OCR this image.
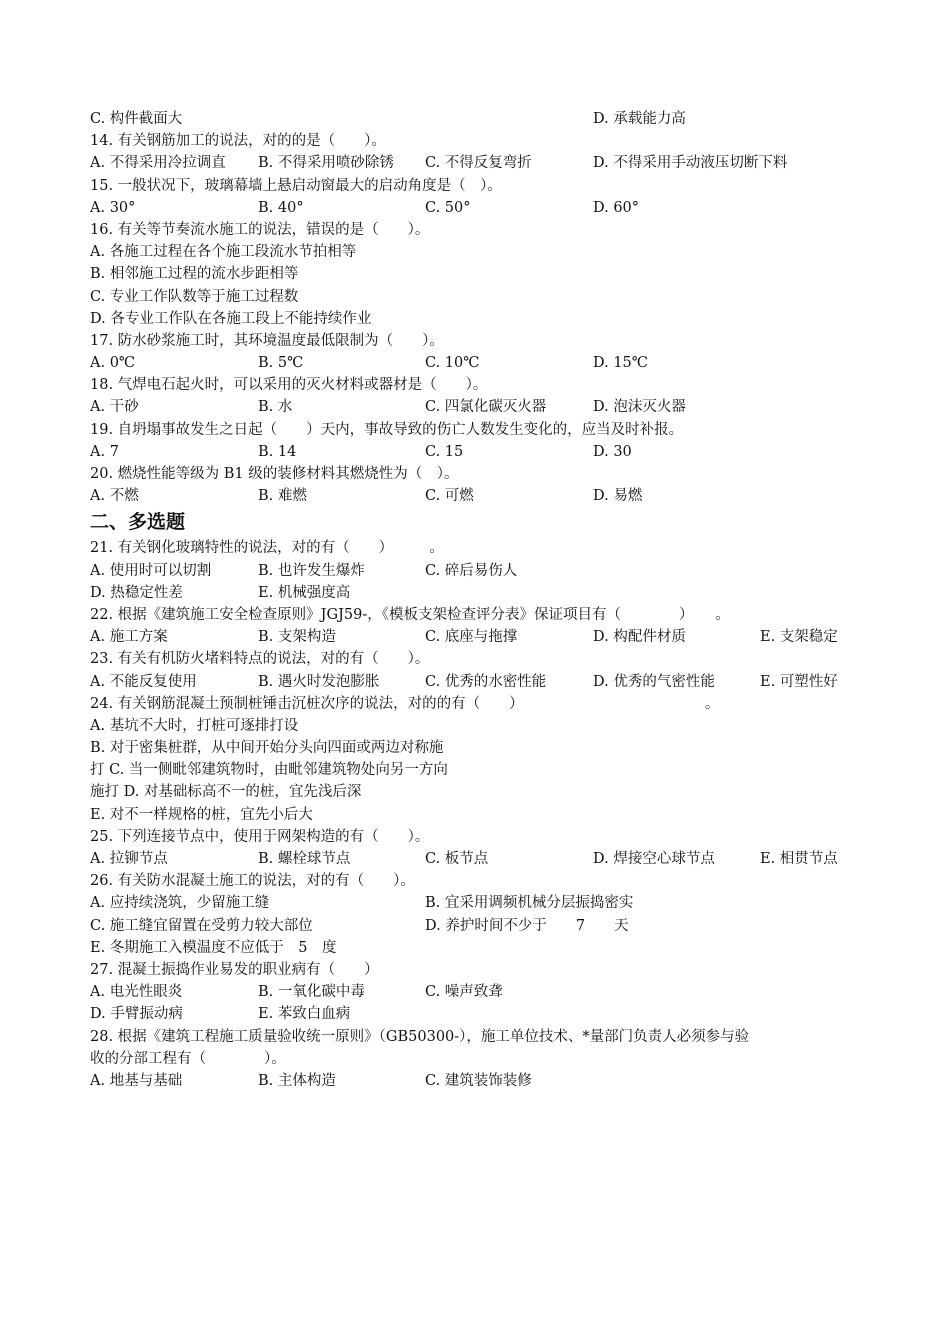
C. 构件截面大	D. 承载能力高
14. 有关钢筋加工的说法，对的的是（　　）。
A. 不得采用冷拉调直 B. 不得采用喷砂除锈 C. 不得反复弯折	D. 不得采用手动液压切断下料
15. 一般状况下，玻璃幕墙上悬启动窗最大的启动角度是（　）。
A. 30°	B. 40°	C. 50°	D. 60°
16. 有关等节奏流水施工的说法，错误的是（　　）。
A. 各施工过程在各个施工段流水节拍相等
B. 相邻施工过程的流水步距相等
C. 专业工作队数等于施工过程数
D. 各专业工作队在各施工段上不能持续作业
17. 防水砂浆施工时，其环境温度最低限制为（　　）。
A. 0℃	B. 5℃	C. 10℃	D. 15℃
18. 气焊电石起火时，可以采用的灭火材料或器材是（　　）。
A. 干砂	B. 水	C. 四氯化碳灭火器	D. 泡沫灭火器
19. 自坍塌事故发生之日起（　　）天内，事故导致的伤亡人数发生变化的，应当及时补报。
A. 7	B. 14	C. 15	D. 30
20. 燃烧性能等级为 B1 级的装修材料其燃烧性为（　）。
A. 不燃	B. 难燃	C. 可燃	D. 易燃
二、多选题
21. 有关钢化玻璃特性的说法，对的有（　　）　　　。
A. 使用时可以切割	B. 也许发生爆炸	C. 碎后易伤人
D. 热稳定性差	E. 机械强度高
22. 根据《建筑施工安全检查原则》JGJ59-，《模板支架检查评分表》保证项目有（　　　　）　　。
A. 施工方案	B. 支架构造	C. 底座与拖撑	D. 构配件材质	E. 支架稳定
23. 有关有机防火堵料特点的说法，对的有（　　）。
A. 不能反复使用	B. 遇火时发泡膨胀	C. 优秀的水密性能	D. 优秀的气密性能	E. 可塑性好
24. 有关钢筋混凝土预制桩锤击沉桩次序的说法，对的的有（　　）　　　　　　　　　　　　　。
A. 基坑不大时，打桩可逐排打设
B. 对于密集桩群，从中间开始分头向四面或两边对称施
打 C. 当一侧毗邻建筑物时，由毗邻建筑物处向另一方向
施打 D. 对基础标高不一的桩，宜先浅后深
E. 对不一样规格的桩，宜先小后大
25. 下列连接节点中，使用于网架构造的有（　　）。
A. 拉铆节点	B. 螺栓球节点	C. 板节点	D. 焊接空心球节点	E. 相贯节点
26. 有关防水混凝土施工的说法，对的有（　　）。
A. 应持续浇筑，少留施工缝	B. 宜采用调频机械分层振捣密实
C. 施工缝宜留置在受剪力较大部位	D. 养护时间不少于　　7　　天
E. 冬期施工入模温度不应低于　5　度
27. 混凝土振捣作业易发的职业病有（　　）
A. 电光性眼炎	B. 一氧化碳中毒	C. 噪声致聋
D. 手臂振动病	E. 苯致白血病
28. 根据《建筑工程施工质量验收统一原则》（GB50300-），施工单位技术、*量部门负责人必须参与验
收的分部工程有（　　　　）。
A. 地基与基础	B. 主体构造	C. 建筑装饰装修
